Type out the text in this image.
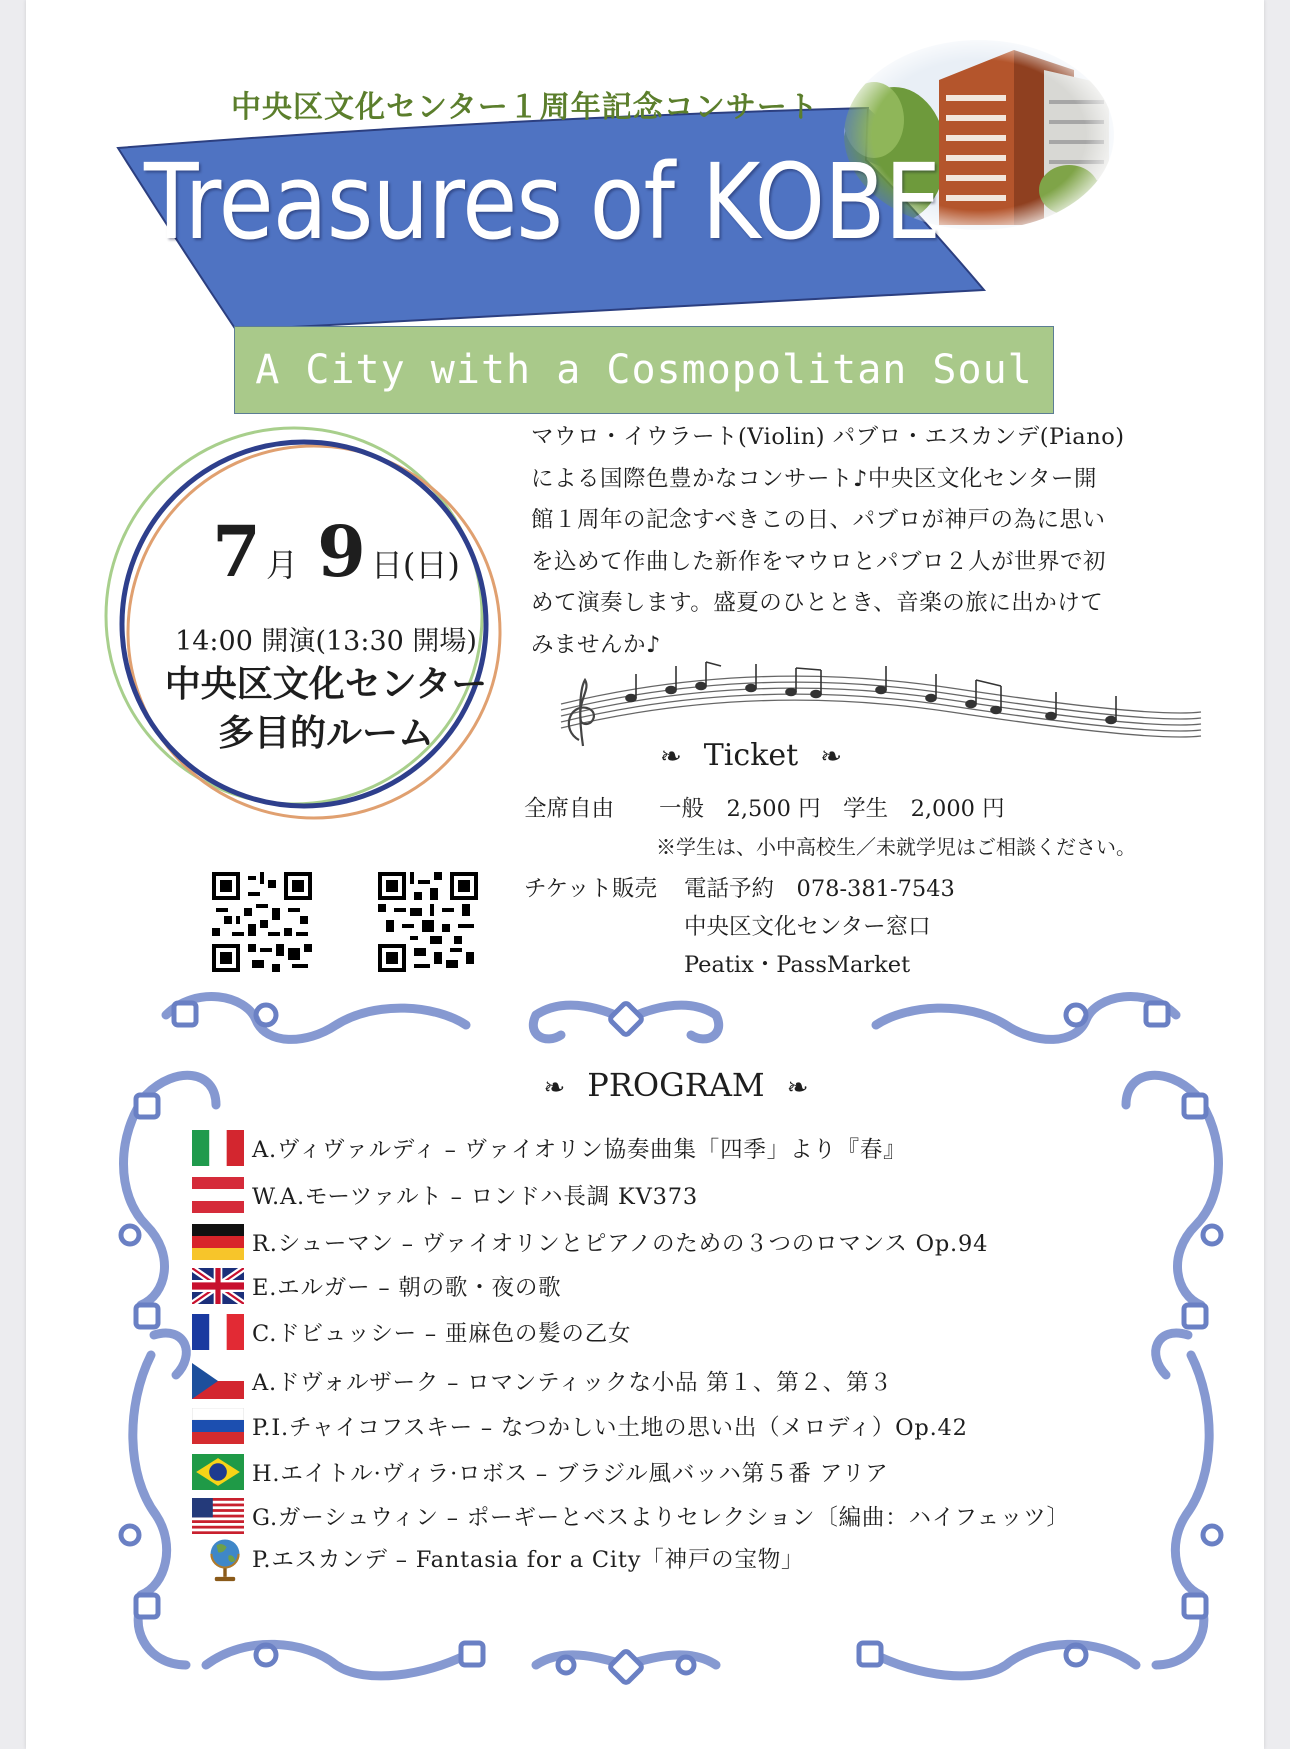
中央区文化センター１周年記念コンサート
Treasures of KOBE
A City with a Cosmopolitan Soul
7 月 9 日(日)
14:00 開演(13:30 開場)
中央区文化センター
多目的ルーム
マウロ・イウラート(Violin) パブロ・エスカンデ(Piano)
による国際色豊かなコンサート♪中央区文化センター開
館１周年の記念すべきこの日、パブロが神戸の為に思い
を込めて作曲した新作をマウロとパブロ２人が世界で初
めて演奏します。盛夏のひととき、音楽の旅に出かけて
みませんか♪
❧ Ticket ❧
全席自由　　一般　2,500 円　学生　2,000 円
※学生は、小中高校生／未就学児はご相談ください。
チケット販売 電話予約　078-381-7543
中央区文化センター窓口
Peatix・PassMarket
❧ PROGRAM ❧
A.ヴィヴァルディ – ヴァイオリン協奏曲集「四季」より『春』
W.A.モーツァルト – ロンドハ長調 KV373
R.シューマン – ヴァイオリンとピアノのための３つのロマンス Op.94
E.エルガー – 朝の歌・夜の歌
C.ドビュッシー – 亜麻色の髪の乙女
A.ドヴォルザーク – ロマンティックな小品 第１、第２、第３
P.I.チャイコフスキー – なつかしい土地の思い出（メロディ）Op.42
H.エイトル·ヴィラ·ロボス – ブラジル風バッハ第５番 アリア
G.ガーシュウィン – ポーギーとベスよりセレクション〔編曲：ハイフェッツ〕
P.エスカンデ – Fantasia for a City「神戸の宝物」
